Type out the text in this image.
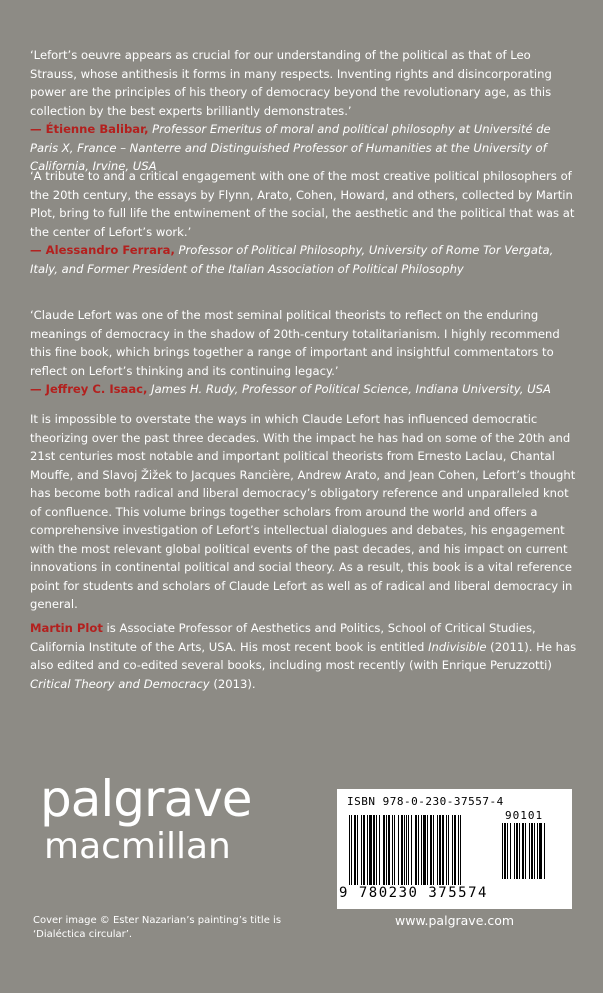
‘Lefort’s oeuvre appears as crucial for our understanding of the political as that of Leo Strauss, whose antithesis it forms in many respects. Inventing rights and disincorporating power are the principles of his theory of democracy beyond the revolutionary age, as this collection by the best experts brilliantly demonstrates.’

— Étienne Balibar, Professor Emeritus of moral and political philosophy at Université de Paris X, France – Nanterre and Distinguished Professor of Humanities at the University of California, Irvine, USA

‘A tribute to and a critical engagement with one of the most creative political philosophers of the 20th century, the essays by Flynn, Arato, Cohen, Howard, and others, collected by Martin Plot, bring to full life the entwinement of the social, the aesthetic and the political that was at the center of Lefort’s work.’

— Alessandro Ferrara, Professor of Political Philosophy, University of Rome Tor Vergata, Italy, and Former President of the Italian Association of Political Philosophy

‘Claude Lefort was one of the most seminal political theorists to reflect on the enduring meanings of democracy in the shadow of 20th-century totalitarianism. I highly recommend this fine book, which brings together a range of important and insightful commentators to reflect on Lefort’s thinking and its continuing legacy.’

— Jeffrey C. Isaac, James H. Rudy, Professor of Political Science, Indiana University, USA

It is impossible to overstate the ways in which Claude Lefort has influenced democratic theorizing over the past three decades. With the impact he has had on some of the 20th and 21st centuries most notable and important political theorists from Ernesto Laclau, Chantal Mouffe, and Slavoj Žižek to Jacques Rancière, Andrew Arato, and Jean Cohen, Lefort’s thought has become both radical and liberal democracy’s obligatory reference and unparalleled knot of confluence. This volume brings together scholars from around the world and offers a comprehensive investigation of Lefort’s intellectual dialogues and debates, his engagement with the most relevant global political events of the past decades, and his impact on current innovations in continental political and social theory. As a result, this book is a vital reference point for students and scholars of Claude Lefort as well as of radical and liberal democracy in general.

Martin Plot is Associate Professor of Aesthetics and Politics, School of Critical Studies, California Institute of the Arts, USA. His most recent book is entitled Indivisible (2011). He has also edited and co-edited several books, including most recently (with Enrique Peruzzotti) Critical Theory and Democracy (2013).

palgrave
macmillan
Cover image © Ester Nazarian’s painting’s title is ‘Dialéctica circular’.
ISBN 978-0-230-37557-4
90101
9 780230 375574
www.palgrave.com
